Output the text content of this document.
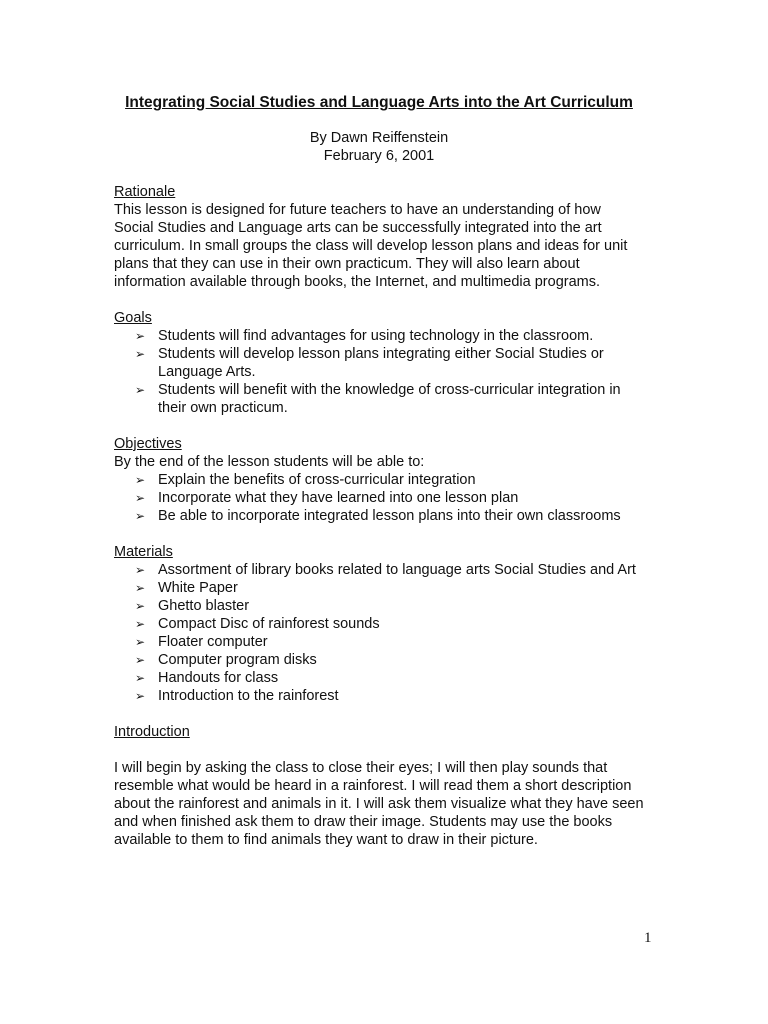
Integrating Social Studies and Language Arts into the Art Curriculum
By Dawn Reiffenstein
February 6, 2001
Rationale

This lesson is designed for future teachers to have an understanding of how Social Studies and Language arts can be successfully integrated into the art curriculum. In small groups the class will develop lesson plans and ideas for unit plans that they can use in their own practicum. They will also learn about information available through books, the Internet, and multimedia programs.

Goals
➢ Students will find advantages for using technology in the classroom.
➢ Students will develop lesson plans integrating either Social Studies or Language Arts.
➢ Students will benefit with the knowledge of cross-curricular integration in their own practicum.
Objectives

By the end of the lesson students will be able to:

➢ Explain the benefits of cross-curricular integration
➢ Incorporate what they have learned into one lesson plan
➢ Be able to incorporate integrated lesson plans into their own classrooms
Materials
➢ Assortment of library books related to language arts Social Studies and Art
➢ White Paper
➢ Ghetto blaster
➢ Compact Disc of rainforest sounds
➢ Floater computer
➢ Computer program disks
➢ Handouts for class
➢ Introduction to the rainforest
Introduction

I will begin by asking the class to close their eyes; I will then play sounds that resemble what would be heard in a rainforest. I will read them a short description about the rainforest and animals in it. I will ask them visualize what they have seen and when finished ask them to draw their image. Students may use the books available to them to find animals they want to draw in their picture.

1
